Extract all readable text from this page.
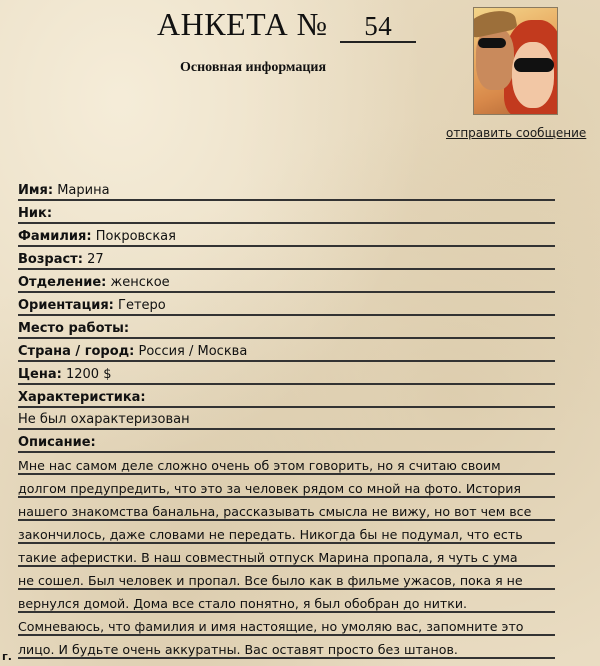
АНКЕТА № 54
Основная информация
отправить сообщение
Имя: Марина
Ник:
Фамилия: Покровская
Возраст: 27
Отделение: женское
Ориентация: Гетеро
Место работы:
Страна / город: Россия / Москва
Цена: 1200 $
Характеристика:
Не был охарактеризован
Описание:
Мне нас самом деле сложно очень об этом говорить, но я считаю своим
долгом предупредить, что это за человек рядом со мной на фото. История
нашего знакомства банальна, рассказывать смысла не вижу, но вот чем все
закончилось, даже словами не передать. Никогда бы не подумал, что есть
такие аферистки. В наш совместный отпуск Марина пропала, я чуть с ума
не сошел. Был человек и пропал. Все было как в фильме ужасов, пока я не
вернулся домой. Дома все стало понятно, я был обобран до нитки.
Сомневаюсь, что фамилия и имя настоящие, но умоляю вас, запомните это
лицо. И будьте очень аккуратны. Вас оставят просто без штанов.
г.
